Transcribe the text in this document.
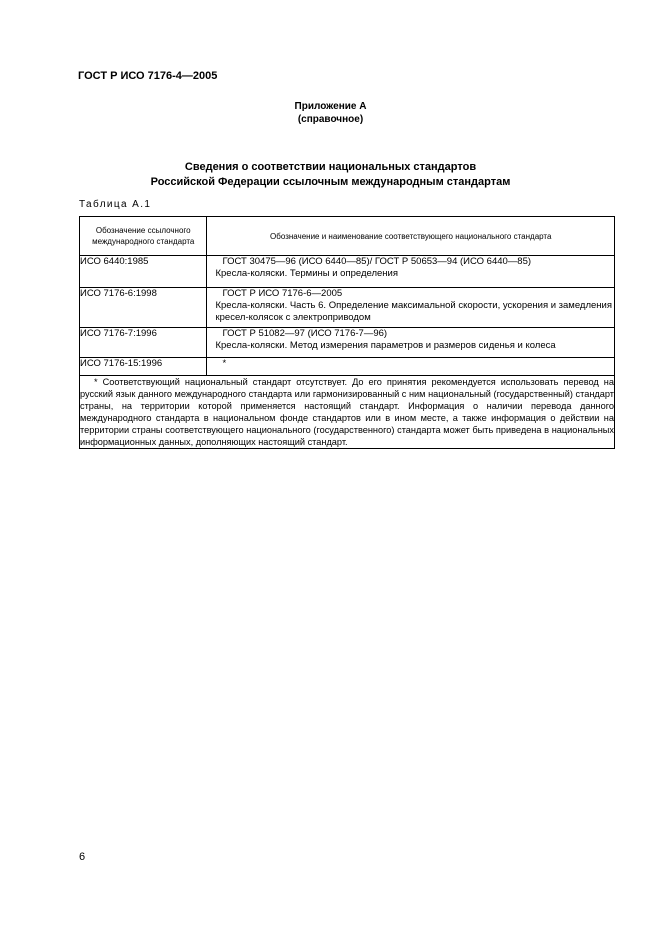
ГОСТ Р ИСО 7176-4—2005
Приложение А
(справочное)
Сведения о соответствии национальных стандартов
Российской Федерации ссылочным международным стандартам
Таблица А.1
Обозначение ссылочного международного стандарта	Обозначение и наименование соответствующего национального стандарта
ИСО 6440:1985	ГОСТ 30475—96 (ИСО 6440—85)/ ГОСТ Р 50653—94 (ИСО 6440—85)
Кресла-коляски. Термины и определения

ИСО 7176-6:1998	ГОСТ Р ИСО 7176-6—2005
Кресла-коляски. Часть 6. Определение максимальной скорости, ускорения и замедления кресел-колясок с электроприводом

ИСО 7176-7:1996	ГОСТ Р 51082—97 (ИСО 7176-7—96)
Кресла-коляски. Метод измерения параметров и размеров сиденья и колеса

ИСО 7176-15:1996	*

* Соответствующий национальный стандарт отсутствует. До его принятия рекомендуется использовать перевод на русский язык данного международного стандарта или гармонизированный с ним национальный (государственный) стандарт страны, на территории которой применяется настоящий стандарт. Информация о наличии перевода данного международного стандарта в национальном фонде стандартов или в ином месте, а также информация о действии на территории страны соответствующего национального (государственного) стандарта может быть приведена в национальных информационных данных, дополняющих настоящий стандарт.	
6
